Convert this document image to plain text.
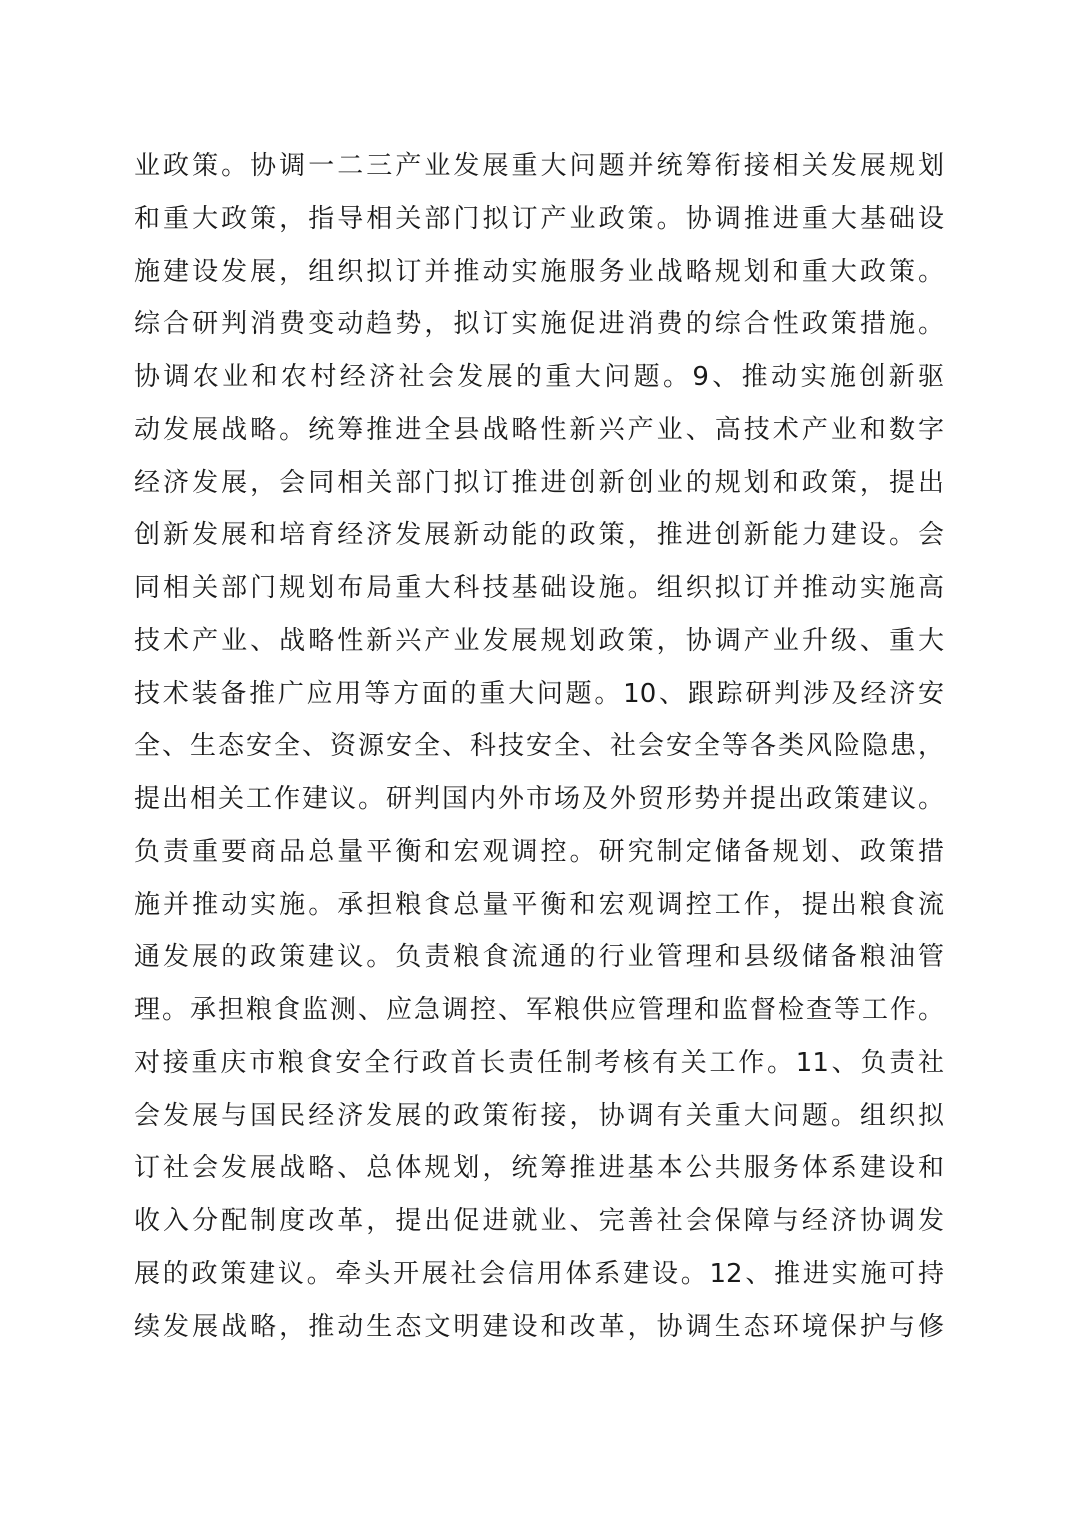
业政策。协调一二三产业发展重大问题并统筹衔接相关发展规划
和重大政策，指导相关部门拟订产业政策。协调推进重大基础设
施建设发展，组织拟订并推动实施服务业战略规划和重大政策。
综合研判消费变动趋势，拟订实施促进消费的综合性政策措施。
协调农业和农村经济社会发展的重大问题。9、推动实施创新驱
动发展战略。统筹推进全县战略性新兴产业、高技术产业和数字
经济发展，会同相关部门拟订推进创新创业的规划和政策，提出
创新发展和培育经济发展新动能的政策，推进创新能力建设。会
同相关部门规划布局重大科技基础设施。组织拟订并推动实施高
技术产业、战略性新兴产业发展规划政策，协调产业升级、重大
技术装备推广应用等方面的重大问题。10、跟踪研判涉及经济安
全、生态安全、资源安全、科技安全、社会安全等各类风险隐患，
提出相关工作建议。研判国内外市场及外贸形势并提出政策建议。
负责重要商品总量平衡和宏观调控。研究制定储备规划、政策措
施并推动实施。承担粮食总量平衡和宏观调控工作，提出粮食流
通发展的政策建议。负责粮食流通的行业管理和县级储备粮油管
理。承担粮食监测、应急调控、军粮供应管理和监督检查等工作。
对接重庆市粮食安全行政首长责任制考核有关工作。11、负责社
会发展与国民经济发展的政策衔接，协调有关重大问题。组织拟
订社会发展战略、总体规划，统筹推进基本公共服务体系建设和
收入分配制度改革，提出促进就业、完善社会保障与经济协调发
展的政策建议。牵头开展社会信用体系建设。12、推进实施可持
续发展战略，推动生态文明建设和改革，协调生态环境保护与修
